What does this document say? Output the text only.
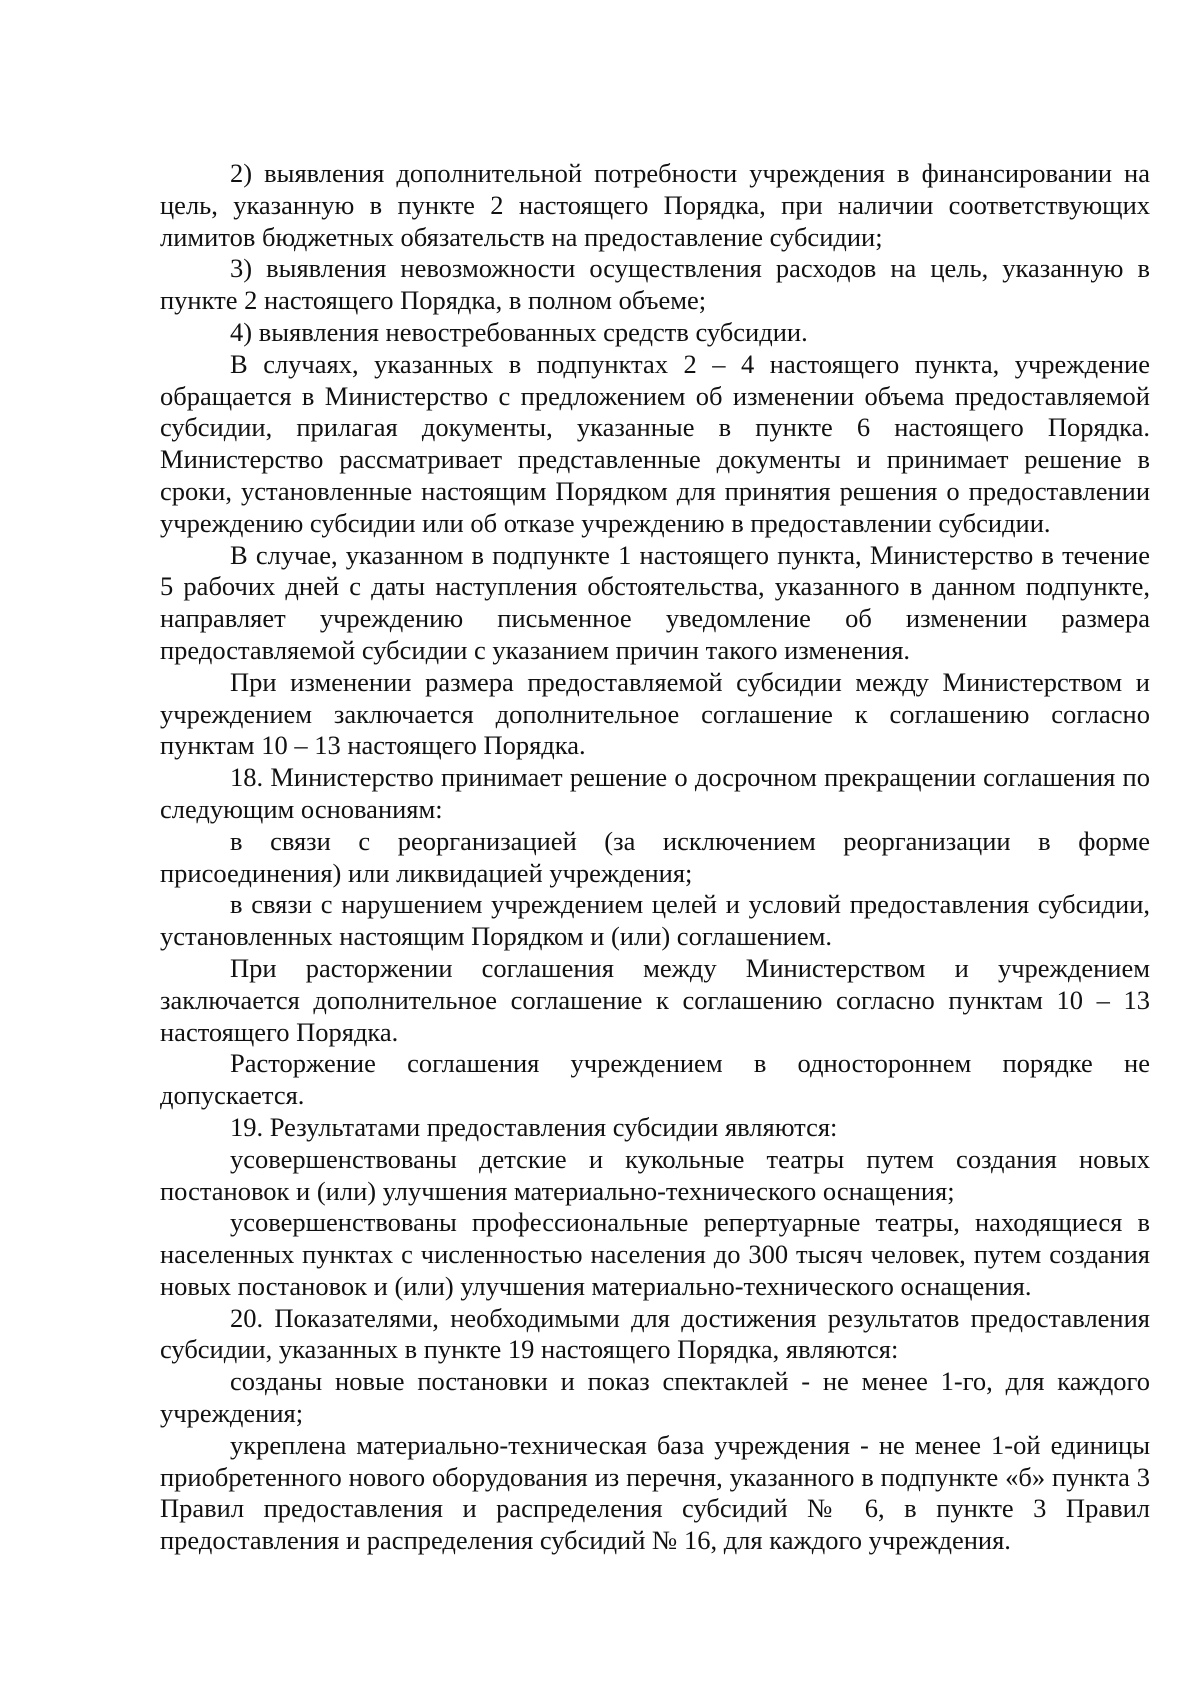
2) выявления дополнительной потребности учреждения в финансировании на цель, указанную в пункте 2 настоящего Порядка, при наличии соответствующих лимитов бюджетных обязательств на предоставление субсидии;

3) выявления невозможности осуществления расходов на цель, указанную в пункте 2 настоящего Порядка, в полном объеме;

4) выявления невостребованных средств субсидии.

В случаях, указанных в подпунктах 2 – 4 настоящего пункта, учреждение обращается в Министерство с предложением об изменении объема предоставляемой субсидии, прилагая документы, указанные в пункте 6 настоящего Порядка. Министерство рассматривает представленные документы и принимает решение в сроки, установленные настоящим Порядком для принятия решения о предоставлении учреждению субсидии или об отказе учреждению в предоставлении субсидии.

В случае, указанном в подпункте 1 настоящего пункта, Министерство в течение 5 рабочих дней с даты наступления обстоятельства, указанного в данном подпункте, направляет учреждению письменное уведомление об изменении размера предоставляемой субсидии с указанием причин такого изменения.

При изменении размера предоставляемой субсидии между Министерством и учреждением заключается дополнительное соглашение к соглашению согласно пунктам 10 – 13 настоящего Порядка.

18. Министерство принимает решение о досрочном прекращении соглашения по следующим основаниям:

в связи с реорганизацией (за исключением реорганизации в форме присоединения) или ликвидацией учреждения;

в связи с нарушением учреждением целей и условий предоставления субсидии, установленных настоящим Порядком и (или) соглашением.

При расторжении соглашения между Министерством и учреждением заключается дополнительное соглашение к соглашению согласно пунктам 10 – 13 настоящего Порядка.

Расторжение соглашения учреждением в одностороннем порядке не допускается.

19. Результатами предоставления субсидии являются:

усовершенствованы детские и кукольные театры путем создания новых постановок и (или) улучшения материально-технического оснащения;

усовершенствованы профессиональные репертуарные театры, находящиеся в населенных пунктах с численностью населения до 300 тысяч человек, путем создания новых постановок и (или) улучшения материально-технического оснащения.

20. Показателями, необходимыми для достижения результатов предоставления субсидии, указанных в пункте 19 настоящего Порядка, являются:

созданы новые постановки и показ спектаклей - не менее 1-го, для каждого учреждения;

укреплена материально-техническая база учреждения - не менее 1-ой единицы приобретенного нового оборудования из перечня, указанного в подпункте «б» пункта 3 Правил предоставления и распределения субсидий № 6, в пункте 3 Правил предоставления и распределения субсидий № 16, для каждого учреждения.
